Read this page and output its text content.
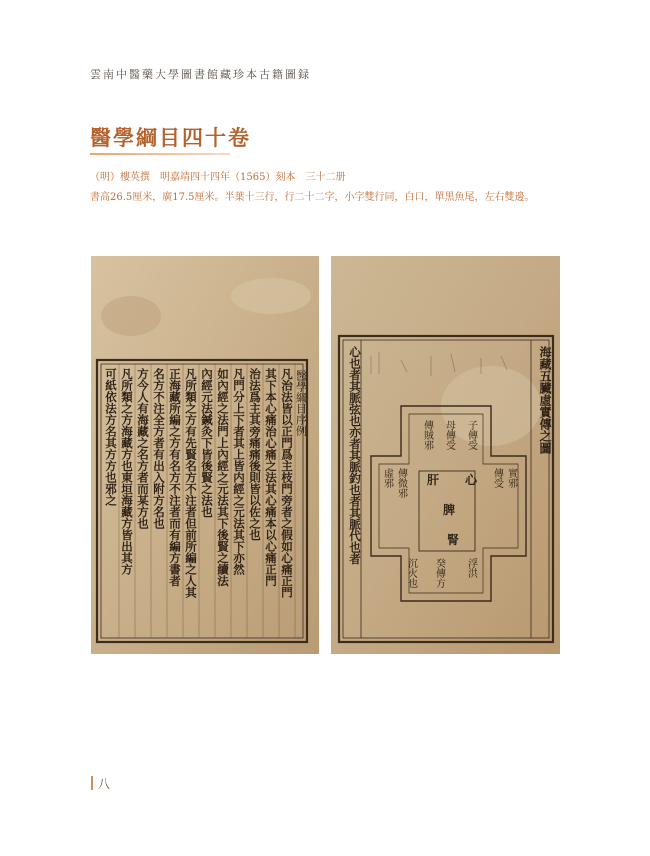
雲南中醫藥大學圖書館藏珍本古籍圖録
醫學綱目四十卷
（明）樓英撰　明嘉靖四十四年（1565）刻本　三十二册
書高26.5厘米，廣17.5厘米。半葉十三行，行二十二字，小字雙行同，白口，單黑魚尾，左右雙邊。
醫學綱目序例
凡治法皆以正門爲主枝門旁者之假如心痛正門
其下本心痛治心痛之法其心痛本以心痛正門
治法爲主其旁痛痛後則皆以佐之也
凡門分上下者其上皆内經之元法其下亦然
如內經之法門上內經之元法其下後賢之續法
內經元法鍼灸下皆後賢之法也
凡所類之方有先賢名方不注者但前所編之人其
正海藏所編之方有名方不注者而有編方書者
名方不注全方者有出入附方名也
方今人有海藏之名方者而某方也
凡所類之方海藏方也東垣海藏方皆出其方
可紙依法方名其方方也邪之	海藏五臟虛實傳之圖
心也者其脈弦也亦者其脈釣也者其脈代也者	子傳受
母傳受
傳賊邪
傳微邪
虛邪	心
肝
脾
腎
實邪
傳受
沉火也 癸傳方 浮洪
八
